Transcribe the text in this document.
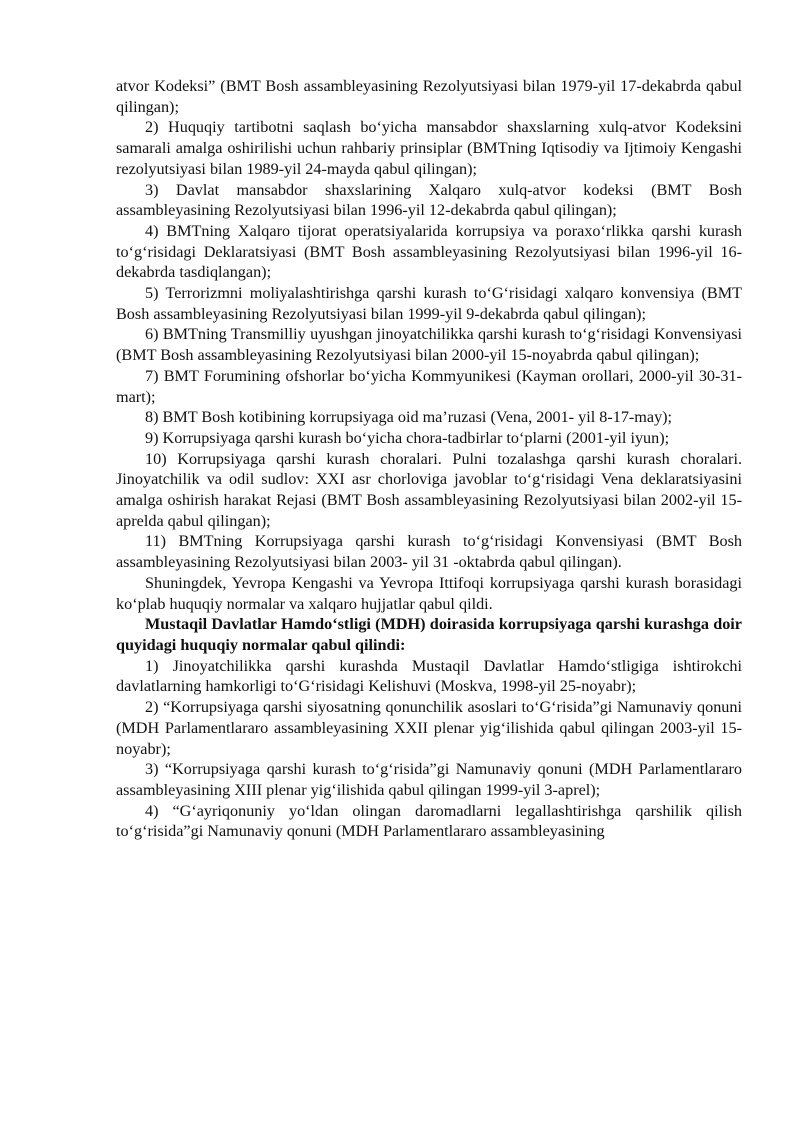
atvor Kodeksi” (BMT Bosh assambleyasining Rezolyutsiyasi bilan 1979-yil 17-dekabrda qabul qilingan);

2) Huquqiy tartibotni saqlash bo‘yicha mansabdor shaxslarning xulq-atvor Kodeksini samarali amalga oshirilishi uchun rahbariy prinsiplar (BMTning Iqtisodiy va Ijtimoiy Kengashi rezolyutsiyasi bilan 1989-yil 24-mayda qabul qilingan);

3) Davlat mansabdor shaxslarining Xalqaro xulq-atvor kodeksi (BMT Bosh assambleyasining Rezolyutsiyasi bilan 1996-yil 12-dekabrda qabul qilingan);

4) BMTning Xalqaro tijorat operatsiyalarida korrupsiya va poraxo‘rlikka qarshi kurash to‘g‘risidagi Deklaratsiyasi (BMT Bosh assambleyasining Rezolyutsiyasi bilan 1996-yil 16-dekabrda tasdiqlangan);

5) Terrorizmni moliyalashtirishga qarshi kurash to‘G‘risidagi xalqaro konvensiya (BMT Bosh assambleyasining Rezolyutsiyasi bilan 1999-yil 9-dekabrda qabul qilingan);

6) BMTning Transmilliy uyushgan jinoyatchilikka qarshi kurash to‘g‘risidagi Konvensiyasi (BMT Bosh assambleyasining Rezolyutsiyasi bilan 2000-yil 15-noyabrda qabul qilingan);

7) BMT Forumining ofshorlar bo‘yicha Kommyunikesi (Kayman orollari, 2000-yil 30-31-mart);

8) BMT Bosh kotibining korrupsiyaga oid ma’ruzasi (Vena, 2001- yil 8-17-may);

9) Korrupsiyaga qarshi kurash bo‘yicha chora-tadbirlar to‘plarni (2001-yil iyun);

10) Korrupsiyaga qarshi kurash choralari. Pulni tozalashga qarshi kurash choralari. Jinoyatchilik va odil sudlov: XXI asr chorloviga javoblar to‘g‘risidagi Vena deklaratsiyasini amalga oshirish harakat Rejasi (BMT Bosh assambleyasining Rezolyutsiyasi bilan 2002-yil 15- aprelda qabul qilingan);

11) BMTning Korrupsiyaga qarshi kurash to‘g‘risidagi Konvensiyasi (BMT Bosh assambleyasining Rezolyutsiyasi bilan 2003- yil 31 -oktabrda qabul qilingan).

Shuningdek, Yevropa Kengashi va Yevropa Ittifoqi korrupsiyaga qarshi kurash borasidagi ko‘plab huquqiy normalar va xalqaro hujjatlar qabul qildi.

Mustaqil Davlatlar Hamdo‘stligi (MDH) doirasida korrupsiyaga qarshi kurashga doir quyidagi huquqiy normalar qabul qilindi:

1) Jinoyatchilikka qarshi kurashda Mustaqil Davlatlar Hamdo‘stligiga ishtirokchi davlatlarning hamkorligi to‘G‘risidagi Kelishuvi (Moskva, 1998-yil 25-noyabr);

2) “Korrupsiyaga qarshi siyosatning qonunchilik asoslari to‘G‘risida”gi Namunaviy qonuni (MDH Parlamentlararo assambleyasining XXII plenar yig‘ilishida qabul qilingan 2003-yil 15- noyabr);

3) “Korrupsiyaga qarshi kurash to‘g‘risida”gi Namunaviy qonuni (MDH Parlamentlararo assambleyasining XIII plenar yig‘ilishida qabul qilingan 1999-yil 3-aprel);

4) “G‘ayriqonuniy yo‘ldan olingan daromadlarni legallashtirishga qarshilik qilish to‘g‘risida”gi Namunaviy qonuni (MDH Parlamentlararo assambleyasining
